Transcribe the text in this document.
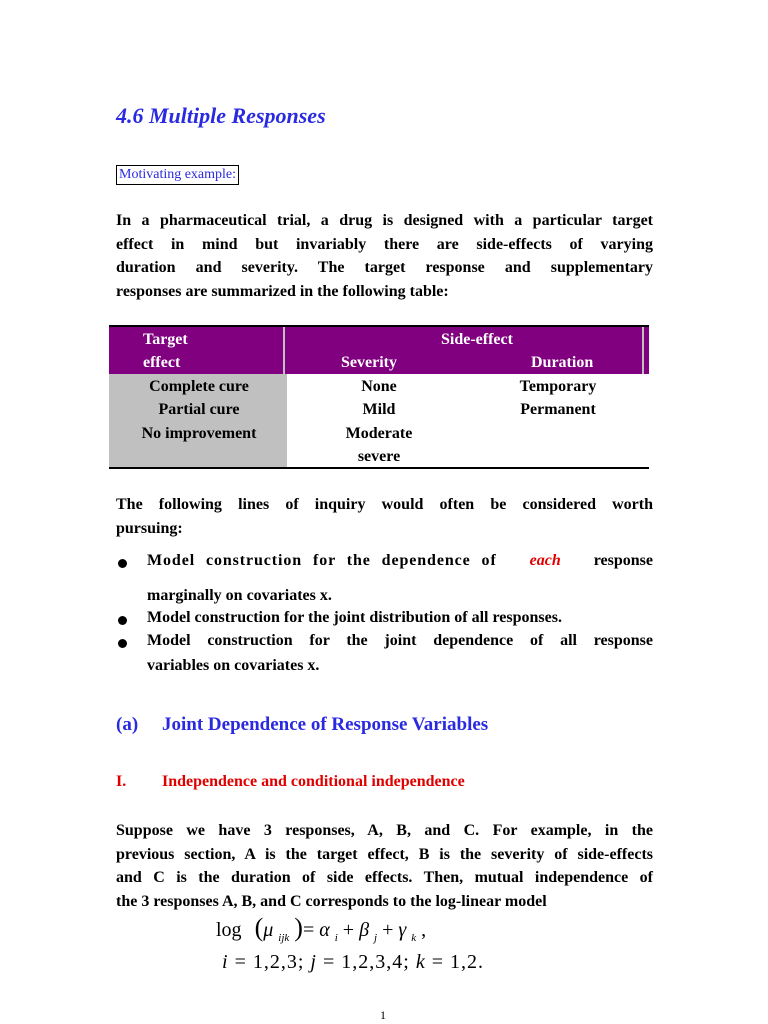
4.6 Multiple Responses
Motivating example:
In a pharmaceutical trial, a drug is designed with a particular target
effect in mind but invariably there are side-effects of varying
duration and severity. The target response and supplementary
responses are summarized in the following table:
Target
effect
Side-effect
Severity	Duration
Complete cure
Partial cure
No improvement
None
Mild
Moderate
severe
Temporary
Permanent
The following lines of inquiry would often be considered worth
pursuing:
Model construction for the dependence of each response
marginally on covariates x.
Model construction for the joint distribution of all responses.
Model construction for the joint dependence of all response
variables on covariates x.
(a) Joint Dependence of Response Variables
I. Independence and conditional independence
Suppose we have 3 responses, A, B, and C. For example, in the
previous section, A is the target effect, B is the severity of side-effects
and C is the duration of side effects. Then, mutual independence of
the 3 responses A, B, and C corresponds to the log-linear model
log (μ $_{ijk}$ )= α $_i$ + β $_j$ + γ $_k$ ,
i = 1,2,3; j = 1,2,3,4; k = 1,2.
1
